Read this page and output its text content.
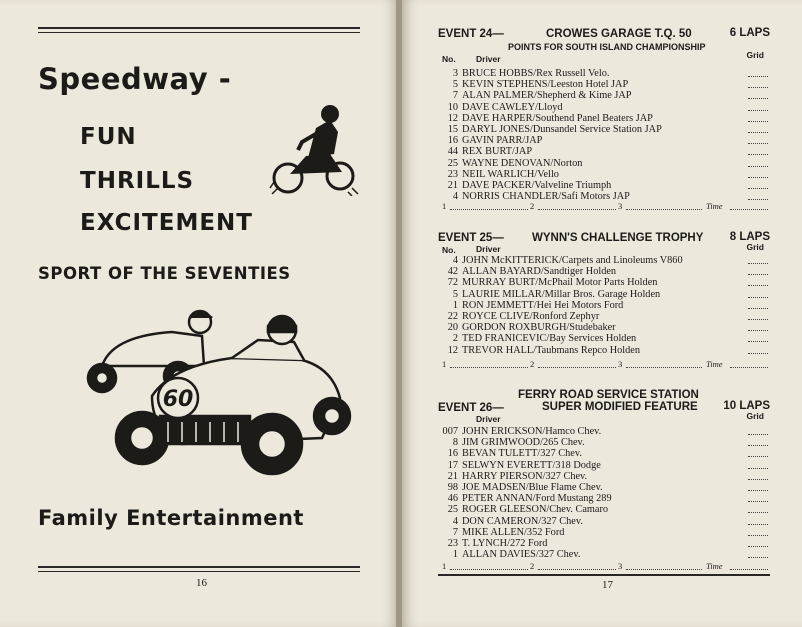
Speedway -
FUN
THRILLS
EXCITEMENT
SPORT OF THE SEVENTIES
60
Family Entertainment
16
EVENT 24—	CROWES GARAGE T.Q. 50	6 LAPS
POINTS FOR SOUTH ISLAND CHAMPIONSHIP
No. Driver	Grid
3 BRUCE HOBBS/Rex Russell Velo.
5 KEVIN STEPHENS/Leeston Hotel JAP
7 ALAN PALMER/Shepherd & Kime JAP
10 DAVE CAWLEY/Lloyd
12 DAVE HARPER/Southend Panel Beaters JAP
15 DARYL JONES/Dunsandel Service Station JAP
16 GAVIN PARR/JAP
44 REX BURT/JAP
25 WAYNE DENOVAN/Norton
23 NEIL WARLICH/Vello
21 DAVE PACKER/Valveline Triumph
4 NORRIS CHANDLER/Safi Motors JAP
1	2	3	Time
EVENT 25— WYNN'S CHALLENGE TROPHY 8 LAPS
No. Driver	Grid
4 JOHN McKITTERICK/Carpets and Linoleums V860
42 ALLAN BAYARD/Sandtiger Holden
72 MURRAY BURT/McPhail Motor Parts Holden
5 LAURIE MILLAR/Millar Bros. Garage Holden
1 RON JEMMETT/Hei Hei Motors Ford
22 ROYCE CLIVE/Ronford Zephyr
20 GORDON ROXBURGH/Studebaker
2 TED FRANICEVIC/Bay Services Holden
12 TREVOR HALL/Taubmans Repco Holden
1	2	3	Time
FERRY ROAD SERVICE STATION
EVENT 26—	SUPER MODIFIED FEATURE 10 LAPS
Driver	Grid
007 JOHN ERICKSON/Hamco Chev.
8 JIM GRIMWOOD/265 Chev.
16 BEVAN TULETT/327 Chev.
17 SELWYN EVERETT/318 Dodge
21 HARRY PIERSON/327 Chev.
98 JOE MADSEN/Blue Flame Chev.
46 PETER ANNAN/Ford Mustang 289
25 ROGER GLEESON/Chev. Camaro
4 DON CAMERON/327 Chev.
7 MIKE ALLEN/352 Ford
23 T. LYNCH/272 Ford
1 ALLAN DAVIES/327 Chev.
1	2	3	Time
17
